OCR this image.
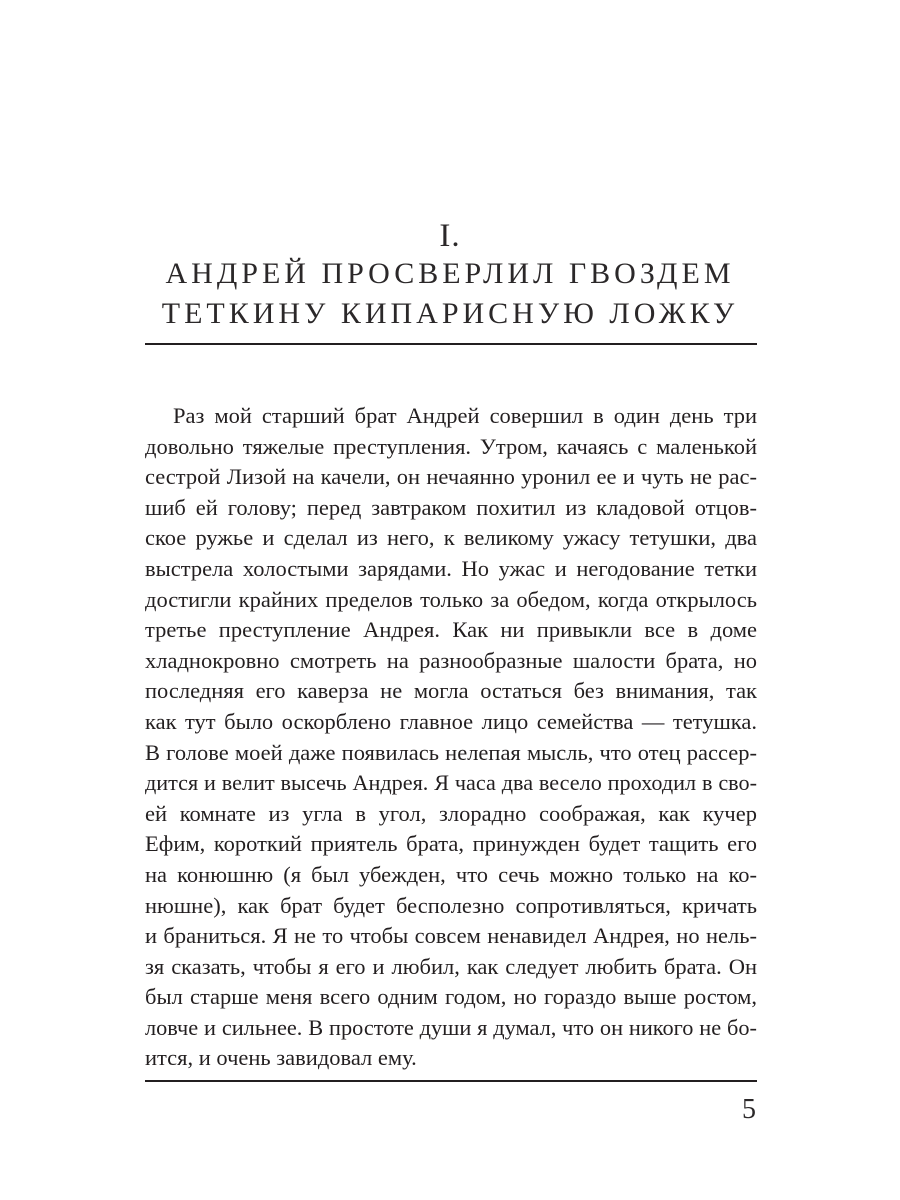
I.
АНДРЕЙ ПРОСВЕРЛИЛ ГВОЗДЕМ
ТЕТКИНУ КИПАРИСНУЮ ЛОЖКУ
Раз мой старший брат Андрей совершил в один день три
довольно тяжелые преступления. Утром, качаясь с маленькой
сестрой Лизой на качели, он нечаянно уронил ее и чуть не рас-
шиб ей голову; перед завтраком похитил из кладовой отцов-
ское ружье и сделал из него, к великому ужасу тетушки, два
выстрела холостыми зарядами. Но ужас и негодование тетки
достигли крайних пределов только за обедом, когда открылось
третье преступление Андрея. Как ни привыкли все в доме
хладнокровно смотреть на разнообразные шалости брата, но
последняя его каверза не могла остаться без внимания, так
как тут было оскорблено главное лицо семейства — тетушка.
В голове моей даже появилась нелепая мысль, что отец рассер-
дится и велит высечь Андрея. Я часа два весело проходил в сво-
ей комнате из угла в угол, злорадно соображая, как кучер
Ефим, короткий приятель брата, принужден будет тащить его
на конюшню (я был убежден, что сечь можно только на ко-
нюшне), как брат будет бесполезно сопротивляться, кричать
и браниться. Я не то чтобы совсем ненавидел Андрея, но нель-
зя сказать, чтобы я его и любил, как следует любить брата. Он
был старше меня всего одним годом, но гораздо выше ростом,
ловче и сильнее. В простоте души я думал, что он никого не бо-
ится, и очень завидовал ему.
5
